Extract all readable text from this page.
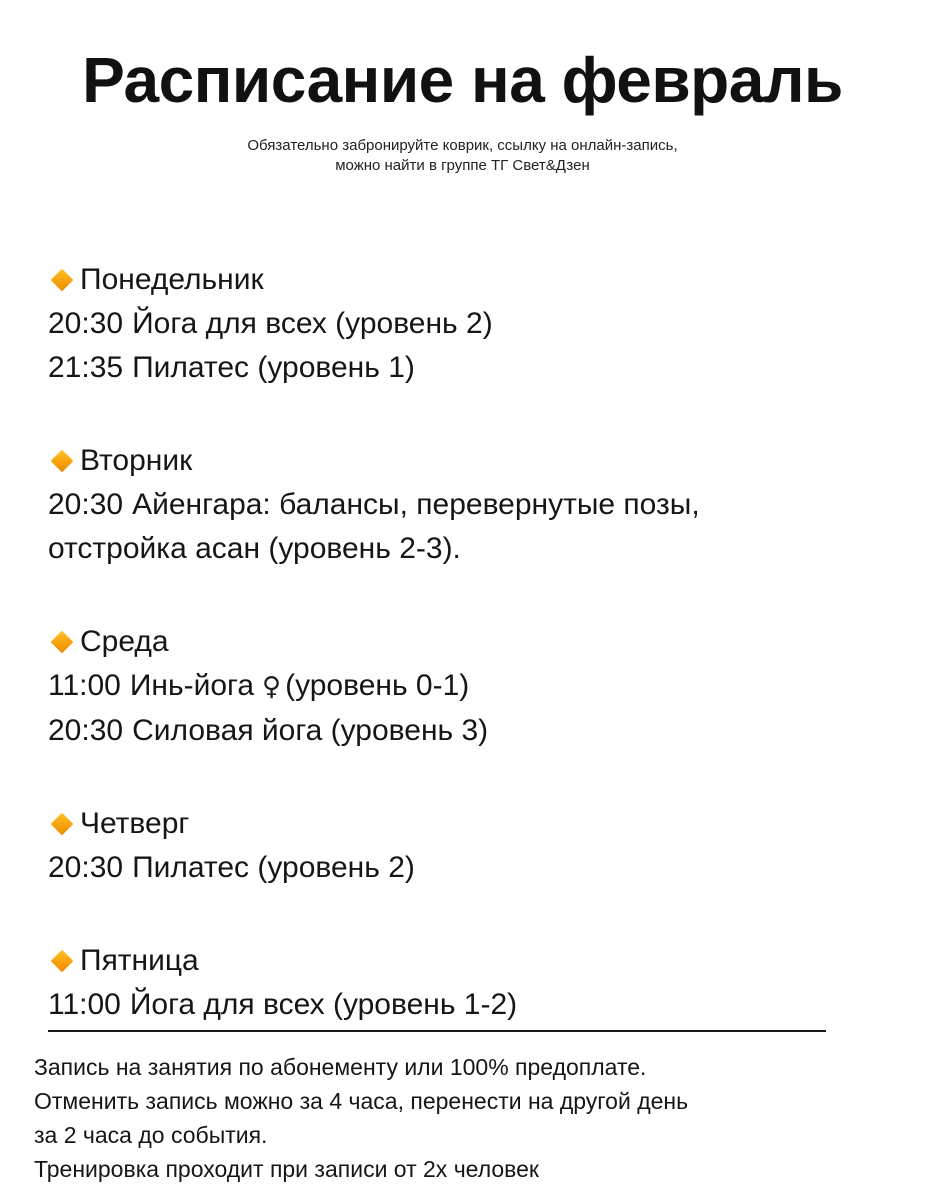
Расписание на февраль
Обязательно забронируйте коврик, ссылку на онлайн-запись,
можно найти в группе ТГ Свет&Дзен
Понедельник
20:30 Йога для всех (уровень 2)
21:35 Пилатес (уровень 1)
Вторник
20:30 Айенгара: балансы, перевернутые позы, отстройка асан (уровень 2-3).
Среда
11:00 Инь-йога ♀ (уровень 0-1)
20:30 Силовая йога (уровень 3)
Четверг
20:30 Пилатес (уровень 2)
Пятница
11:00 Йога для всех (уровень 1-2)
Запись на занятия по абонементу или 100% предоплате.
Отменить запись можно за 4 часа, перенести на другой день
за 2 часа до события.
Тренировка проходит при записи от 2х человек
